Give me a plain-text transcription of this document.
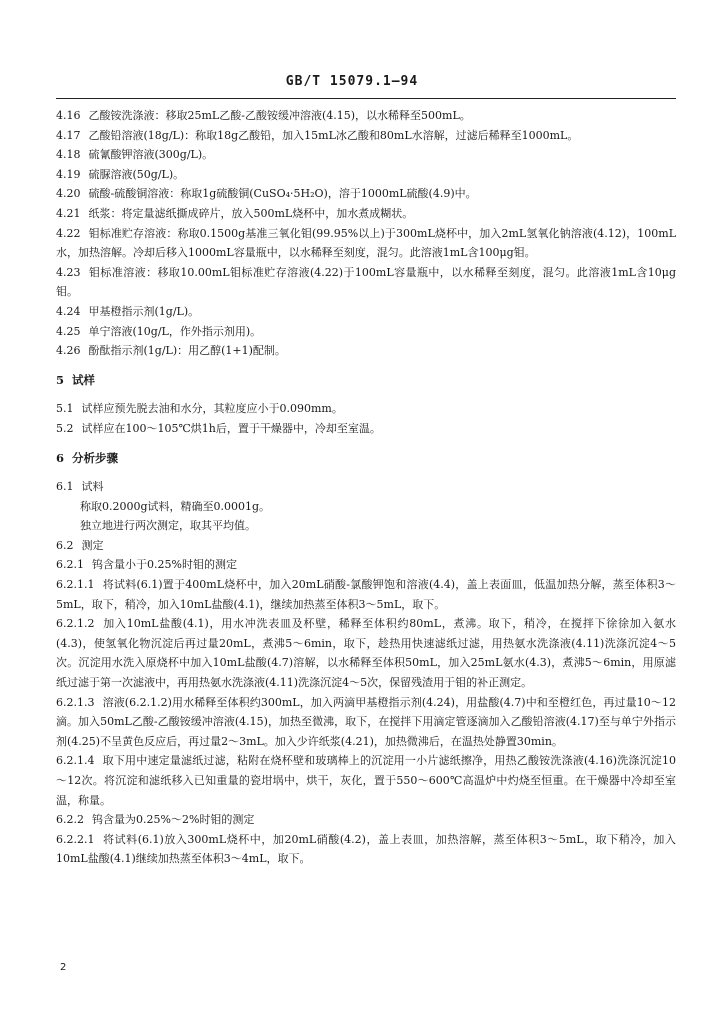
GB/T 15079.1—94

4.16 乙酸铵洗涤液：移取25mL乙酸-乙酸铵缓冲溶液(4.15)，以水稀释至500mL。

4.17 乙酸铅溶液(18g/L)：称取18g乙酸铅，加入15mL冰乙酸和80mL水溶解，过滤后稀释至1000mL。

4.18 硫氰酸钾溶液(300g/L)。

4.19 硫脲溶液(50g/L)。

4.20 硫酸-硫酸铜溶液：称取1g硫酸铜(CuSO₄·5H₂O)，溶于1000mL硫酸(4.9)中。

4.21 纸浆：将定量滤纸撕成碎片，放入500mL烧杯中，加水煮成糊状。

4.22 钼标准贮存溶液：称取0.1500g基准三氧化钼(99.95%以上)于300mL烧杯中，加入2mL氢氧化钠溶液(4.12)，100mL水，加热溶解。冷却后移入1000mL容量瓶中，以水稀释至刻度，混匀。此溶液1mL含100μg钼。

4.23 钼标准溶液：移取10.00mL钼标准贮存溶液(4.22)于100mL容量瓶中，以水稀释至刻度，混匀。此溶液1mL含10μg钼。

4.24 甲基橙指示剂(1g/L)。

4.25 单宁溶液(10g/L，作外指示剂用)。

4.26 酚酞指示剂(1g/L)：用乙醇(1+1)配制。

5 试样

5.1 试样应预先脱去油和水分，其粒度应小于0.090mm。

5.2 试样应在100～105℃烘1h后，置于干燥器中，冷却至室温。

6 分析步骤

6.1 试料

称取0.2000g试料，精确至0.0001g。

独立地进行两次测定，取其平均值。

6.2 测定

6.2.1 钨含量小于0.25%时钼的测定

6.2.1.1 将试料(6.1)置于400mL烧杯中，加入20mL硝酸-氯酸钾饱和溶液(4.4)，盖上表面皿，低温加热分解，蒸至体积3～5mL，取下，稍冷，加入10mL盐酸(4.1)，继续加热蒸至体积3～5mL，取下。

6.2.1.2 加入10mL盐酸(4.1)，用水冲洗表皿及杯壁，稀释至体积约80mL，煮沸。取下，稍冷，在搅拌下徐徐加入氨水(4.3)，使氢氧化物沉淀后再过量20mL，煮沸5～6min，取下，趁热用快速滤纸过滤，用热氨水洗涤液(4.11)洗涤沉淀4～5次。沉淀用水洗入原烧杯中加入10mL盐酸(4.7)溶解，以水稀释至体积50mL，加入25mL氨水(4.3)，煮沸5～6min，用原滤纸过滤于第一次滤液中，再用热氨水洗涤液(4.11)洗涤沉淀4～5次，保留残渣用于钼的补正测定。

6.2.1.3 溶液(6.2.1.2)用水稀释至体积约300mL，加入两滴甲基橙指示剂(4.24)，用盐酸(4.7)中和至橙红色，再过量10～12滴。加入50mL乙酸-乙酸铵缓冲溶液(4.15)，加热至微沸，取下，在搅拌下用滴定管逐滴加入乙酸铅溶液(4.17)至与单宁外指示剂(4.25)不呈黄色反应后，再过量2～3mL。加入少许纸浆(4.21)，加热微沸后，在温热处静置30min。

6.2.1.4 取下用中速定量滤纸过滤，粘附在烧杯壁和玻璃棒上的沉淀用一小片滤纸擦净，用热乙酸铵洗涤液(4.16)洗涤沉淀10～12次。将沉淀和滤纸移入已知重量的瓷坩埚中，烘干，灰化，置于550～600℃高温炉中灼烧至恒重。在干燥器中冷却至室温，称量。

6.2.2 钨含量为0.25%～2%时钼的测定

6.2.2.1 将试料(6.1)放入300mL烧杯中，加20mL硝酸(4.2)，盖上表皿，加热溶解，蒸至体积3～5mL，取下稍冷，加入10mL盐酸(4.1)继续加热蒸至体积3～4mL，取下。

2
